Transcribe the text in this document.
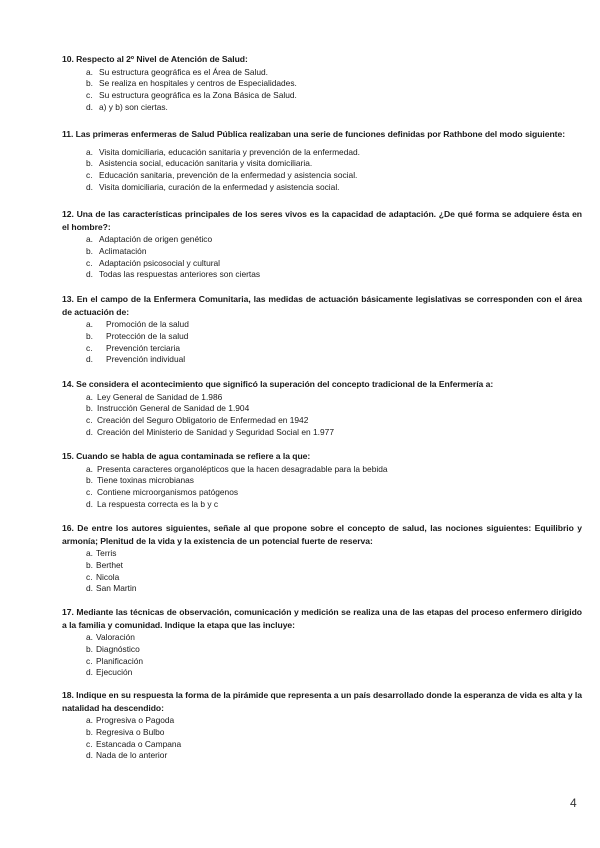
10. Respecto al 2º Nivel de Atención de Salud:
a. Su estructura geográfica es el Área de Salud.
b. Se realiza en hospitales y centros de Especialidades.
c. Su estructura geográfica es la Zona Básica de Salud.
d. a) y b) son ciertas.
11. Las primeras enfermeras de Salud Pública realizaban una serie de funciones definidas por Rathbone del modo siguiente:
a. Visita domiciliaria, educación sanitaria y prevención de la enfermedad.
b. Asistencia social, educación sanitaria y visita domiciliaria.
c. Educación sanitaria, prevención de la enfermedad y asistencia social.
d. Visita domiciliaria, curación de la enfermedad y asistencia social.
12. Una de las características principales de los seres vivos es la capacidad de adaptación. ¿De qué forma se adquiere ésta en el hombre?:
a. Adaptación de origen genético
b. Aclimatación
c. Adaptación psicosocial y cultural
d. Todas las respuestas anteriores son ciertas
13. En el campo de la Enfermera Comunitaria, las medidas de actuación básicamente legislativas se corresponden con el área de actuación de:
a.	Promoción de la salud
b.	Protección de la salud
c.	Prevención terciaria
d.	Prevención individual
14. Se considera el acontecimiento que significó la superación del concepto tradicional de la Enfermería a:
a. Ley General de Sanidad de 1.986
b. Instrucción General de Sanidad de 1.904
c. Creación del Seguro Obligatorio de Enfermedad en 1942
d. Creación del Ministerio de Sanidad y Seguridad Social en 1.977
15. Cuando se habla de agua contaminada se refiere a la que:
a. Presenta caracteres organolépticos que la hacen desagradable para la bebida
b. Tiene toxinas microbianas
c. Contiene microorganismos patógenos
d. La respuesta correcta es la b y c
16. De entre los autores siguientes, señale al que propone sobre el concepto de salud, las nociones siguientes: Equilibrio y armonía; Plenitud de la vida y la existencia de un potencial fuerte de reserva:
a. Terris
b. Berthet
c. Nicola
d. San Martin
17. Mediante las técnicas de observación, comunicación y medición se realiza una de las etapas del proceso enfermero dirigido a la familia y comunidad. Indique la etapa que las incluye:
a. Valoración
b. Diagnóstico
c. Planificación
d. Ejecución
18. Indique en su respuesta la forma de la pirámide que representa a un país desarrollado donde la esperanza de vida es alta y la natalidad ha descendido:
a. Progresiva o Pagoda
b. Regresiva o Bulbo
c. Estancada o Campana
d. Nada de lo anterior
4
